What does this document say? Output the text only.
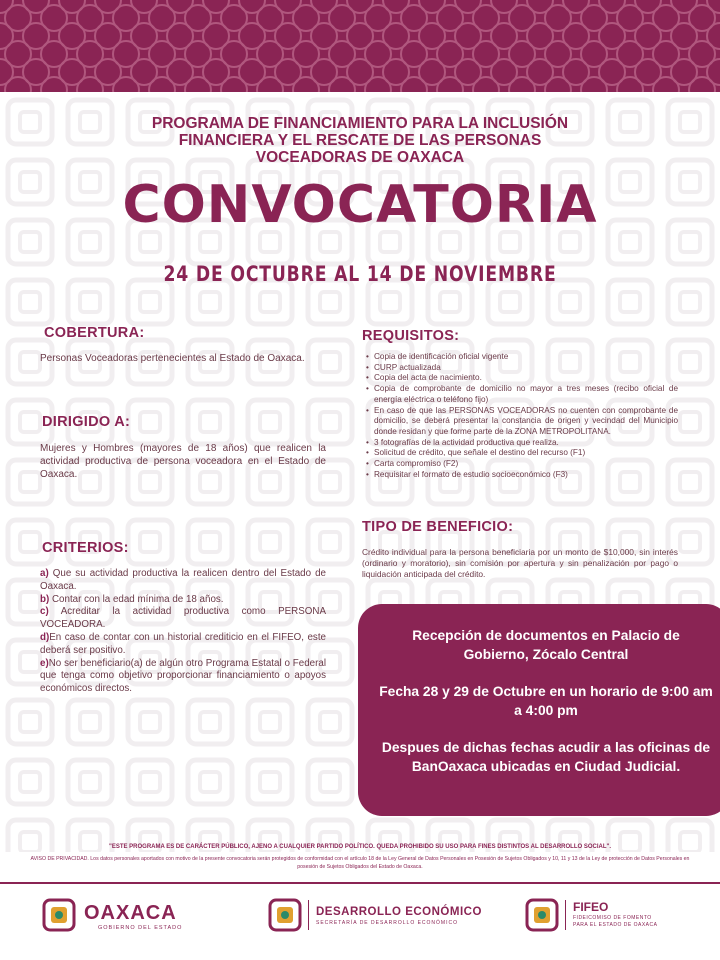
PROGRAMA DE FINANCIAMIENTO PARA LA INCLUSIÓN
FINANCIERA Y EL RESCATE DE LAS PERSONAS
VOCEADORAS DE OAXACA
CONVOCATORIA
24 DE OCTUBRE AL 14 DE NOVIEMBRE
COBERTURA:
Personas Voceadoras pertenecientes al Estado de Oaxaca.
DIRIGIDO A:
Mujeres y Hombres (mayores de 18 años) que realicen la actividad productiva de persona voceadora en el Estado de Oaxaca.
CRITERIOS:
a) Que su actividad productiva la realicen dentro del Estado de Oaxaca.
b) Contar con la edad mínima de 18 años.
c) Acreditar la actividad productiva como PERSONA VOCEADORA.
d)En caso de contar con un historial crediticio en el FIFEO, este deberá ser positivo.
e)No ser beneficiario(a) de algún otro Programa Estatal o Federal que tenga como objetivo proporcionar financiamiento o apoyos económicos directos.
REQUISITOS:
• Copia de identificación oficial vigente
• CURP actualizada
• Copia del acta de nacimiento.
• Copia de comprobante de domicilio no mayor a tres meses (recibo oficial de energía eléctrica o teléfono fijo)
• En caso de que las PERSONAS VOCEADORAS no cuenten con comprobante de domicilio, se deberá presentar la constancia de origen y vecindad del Municipio donde residan y que forme parte de la ZONA METROPOLITANA.
• 3 fotografías de la actividad productiva que realiza.
• Solicitud de crédito, que señale el destino del recurso (F1)
• Carta compromiso (F2)
• Requisitar el formato de estudio socioeconómico (F3)
TIPO DE BENEFICIO:
Crédito individual para la persona beneficiaria por un monto de $10,000, sin interés (ordinario y moratorio), sin comisión por apertura y sin penalización por pago o liquidación anticipada del crédito.
Recepción de documentos en Palacio de Gobierno, Zócalo Central
Fecha 28 y 29 de Octubre en un horario de 9:00 am a 4:00 pm
Despues de dichas fechas acudir a las oficinas de BanOaxaca ubicadas en Ciudad Judicial.
"ESTE PROGRAMA ES DE CARÁCTER PÚBLICO, AJENO A CUALQUIER PARTIDO POLÍTICO. QUEDA PROHIBIDO SU USO PARA FINES DISTINTOS AL DESARROLLO SOCIAL".
AVISO DE PRIVACIDAD. Los datos personales aportados con motivo de la presente convocatoria serán protegidos de conformidad con el artículo 18 de la Ley General de Datos Personales en Posesión de Sujetos Obligados y 10, 11 y 13 de la Ley de protección de Datos Personales en posesión de Sujetos Obligados del Estado de Oaxaca.
OAXACA
GOBIERNO DEL ESTADO
DESARROLLO ECONÓMICO
SECRETARÍA DE DESARROLLO ECONÓMICO
FIFEO
FIDEICOMISO DE FOMENTO
PARA EL ESTADO DE OAXACA
